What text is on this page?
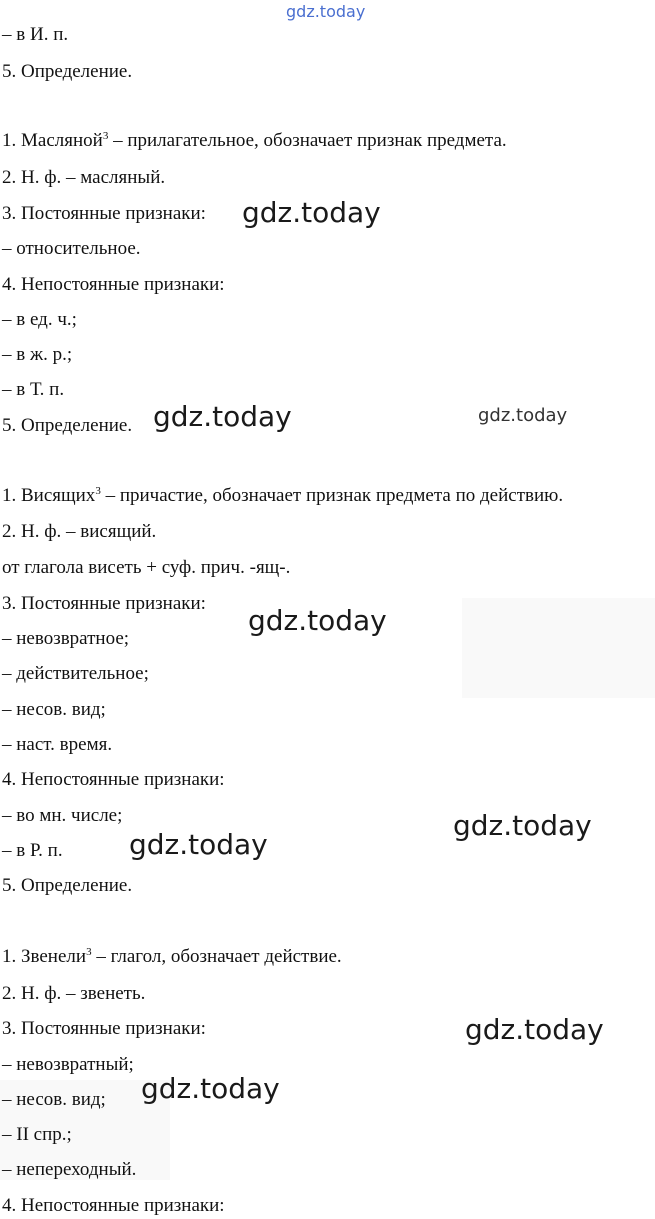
gdz.today
– в И. п.
5. Определение.
1. Масляной$^3$ – прилагательное, обозначает признак предмета.
2. Н. ф. – масляный.
3. Постоянные признаки:
– относительное.
4. Непостоянные признаки:
– в ед. ч.;
– в ж. р.;
– в Т. п.
5. Определение.
1. Висящих$^3$ – причастие, обозначает признак предмета по действию.
2. Н. ф. – висящий.
от глагола висеть + суф. прич. -ящ-.
3. Постоянные признаки:
– невозвратное;
– действительное;
– несов. вид;
– наст. время.
4. Непостоянные признаки:
– во мн. числе;
– в Р. п.
5. Определение.
1. Звенели$^3$ – глагол, обозначает действие.
2. Н. ф. – звенеть.
3. Постоянные признаки:
– невозвратный;
– несов. вид;
– II спр.;
– непереходный.
4. Непостоянные признаки:
gdz.today
gdz.today	gdz.today
gdz.today
gdz.today
gdz.today
gdz.today
gdz.today
